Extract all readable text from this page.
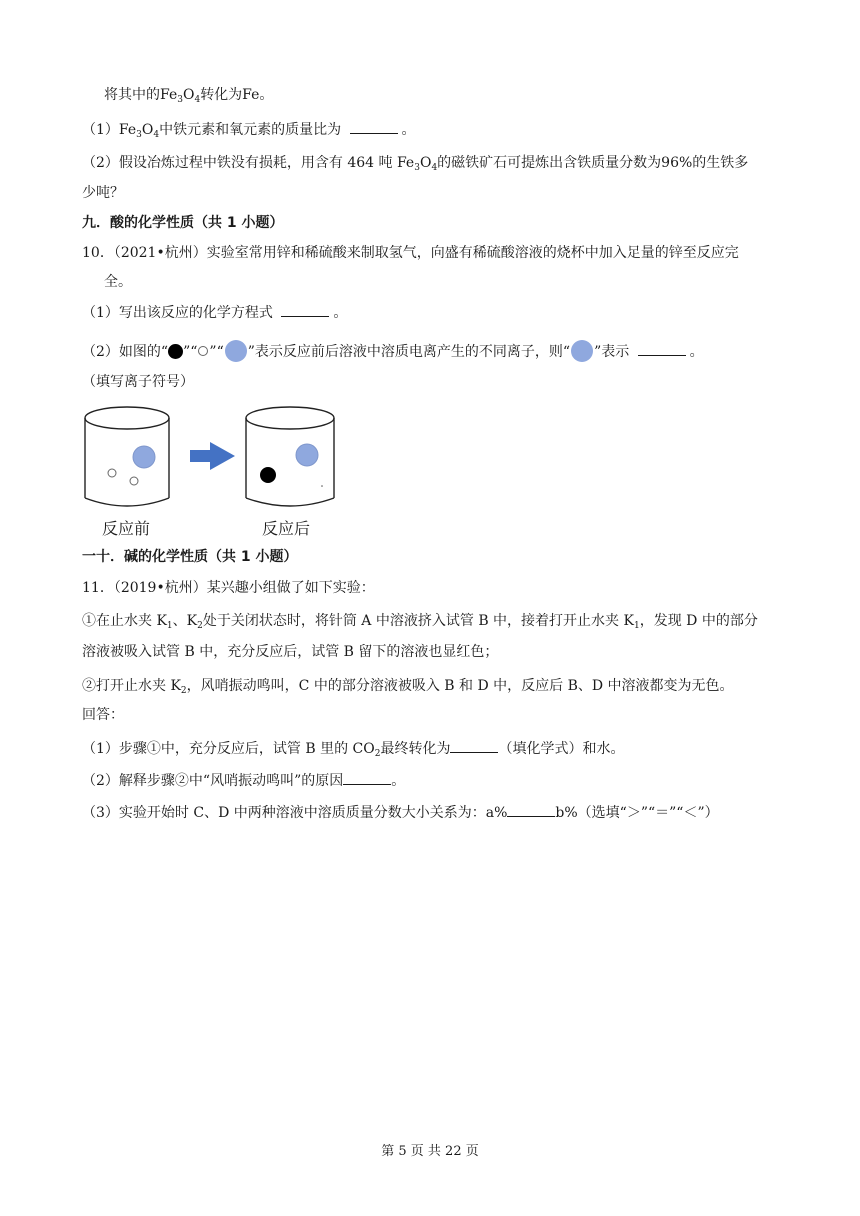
将其中的$Fe_3O_4$转化为Fe。
$(1)Fe_3O_4$中铁元素和氧元素的质量比为	。
（2）假设冶炼过程中铁没有损耗，用含有 464 吨 $Fe_3O_4$的磁铁矿石可提炼出含铁质量分数为96%的生铁多
少吨？
九．酸的化学性质（共 1 小题）
10．（2021•杭州）实验室常用锌和稀硫酸来制取氢气，向盛有稀硫酸溶液的烧杯中加入足量的锌至反应完
全。
（1）写出该反应的化学方程式	。
（2）如图的“ ”“ ”“ ”表示反应前后溶液中溶质电离产生的不同离子，则“ ”表示	。
（填写离子符号）
反应前	反应后
一十．碱的化学性质（共 1 小题）
11．（2019•杭州）某兴趣小组做了如下实验：
①在止水夹 $K_1$、$K_2$处于关闭状态时，将针筒 A 中溶液挤入试管 B 中，接着打开止水夹 $K_1$，发现 D 中的部分
溶液被吸入试管 B 中，充分反应后，试管 B 留下的溶液也显红色；
②打开止水夹 $K_2$，风哨振动鸣叫，C 中的部分溶液被吸入 B 和 D 中，反应后 B、D 中溶液都变为无色。
回答：
（1）步骤①中，充分反应后，试管 B 里的 $CO_2$最终转化为	（填化学式）和水。
（2）解释步骤②中“风哨振动鸣叫”的原因	。
（3）实验开始时 C、D 中两种溶液中溶质质量分数大小关系为：a%	b%（选填“＞”“＝”“＜”）
第 5 页 共 22 页
